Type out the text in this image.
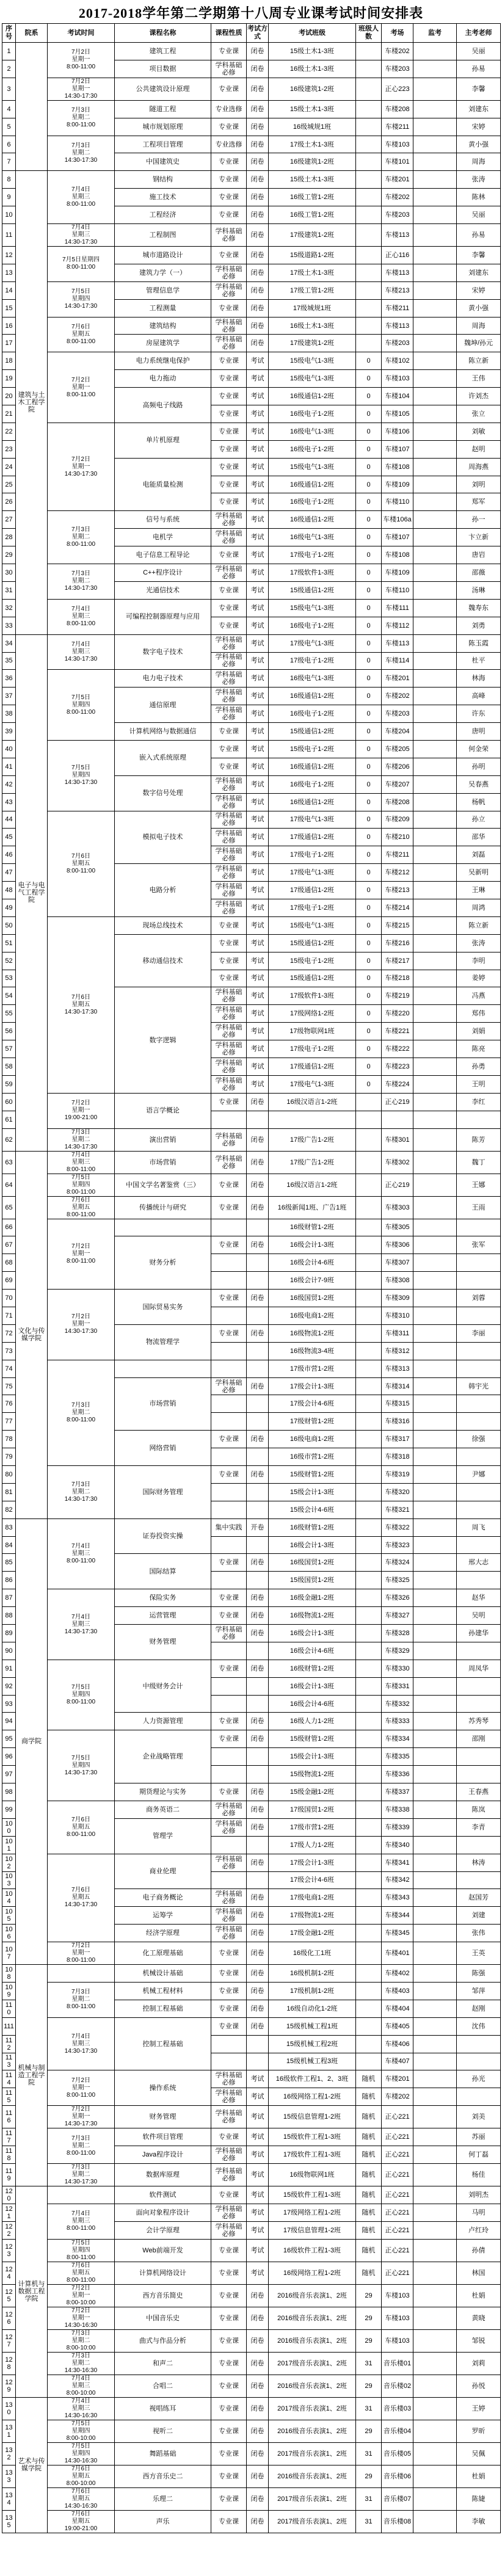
2017-2018学年第二学期第十八周专业课考试时间安排表
序号	院系	考试时间	课程名称	课程性质	考试方式	考试班级	班级人数	考场	监考	主考老师
1		7月2日
星期一
8:00-11:00	建筑工程	专业课	闭卷	15级土木1-3班		车楼202		吴丽
2			项目数据	学科基础必修	闭卷	16级土木1-3班		车楼203		孙易
3		7月2日
星期一
14:30-17:30	公共建筑设计原理	专业课	闭卷	16级建筑1-2班		正心223		李馨
4		7月3日
星期二
8:00-11:00	隧道工程	专业选修	闭卷	15级土木1-3班		车楼208		刘建东
5			城市规划原理	专业课	闭卷	16级城规1班		车楼211		宋婷
6		7月3日
星期二
14:30-17:30	工程项目管理	专业选修	闭卷	17级土木1-3班		车楼103		黄小强
7			中国建筑史	专业课	闭卷	16级建筑1-2班		车楼101		周海
8	建筑与土木工程学院	7月4日
星期三
8:00-11:00	钢结构	专业课	闭卷	15级土木1-3班		车楼201		张涛
9			施工技术	专业课	闭卷	16级工管1-2班		车楼202		陈林
10			工程经济	专业课	闭卷	16级工管1-2班		车楼203		吴丽
11		7月4日
星期三
14:30-17:30	工程制图	学科基础必修	闭卷	17级建筑1-2班		车楼113		孙易
12		7月5日星期四
8:00-11:00	城市道路设计	专业课	闭卷	15级道路1-2班		正心116		李馨
13			建筑力学（一）	学科基础必修	闭卷	17级土木1-3班		车楼113		刘建东
14		7月5日
星期四
14:30-17:30	管理信息学	学科基础必修	闭卷	17级工管1-2班		车楼213		宋婷
15			工程测量	专业课	闭卷	17级城规1班		车楼211		黄小强
16		7月6日
星期五
8:00-11:00	建筑结构	学科基础必修	闭卷	16级土木1-3班		车楼113		周海
17			房屋建筑学	学科基础必修	闭卷	17级建筑1-2班		车楼203		魏坤/孙元
18		7月2日
星期一
8:00-11:00	电力系统继电保护	专业课	考试	15级电气1-3班	0	车楼102		陈立新
19			电力拖动	专业课	考试	15级电气1-3班	0	车楼103		王伟
20			高频电子线路	专业课	考试	16级通信1-2班	0	车楼104		许刘杰
21				专业课	考试	16级电子1-2班	0	车楼105		张立
22		7月2日
星期一
14:30-17:30	单片机原理	专业课	考试	16级电气1-3班	0	车楼106		刘敏
23				专业课	考试	16级电子1-2班	0	车楼107		赵明
24			电能质量检测	专业课	考试	15级电气1-3班	0	车楼108		周海燕
25				专业课	考试	16级通信1-2班	0	车楼109		刘明
26				专业课	考试	16级电子1-2班	0	车楼110		郑军
27		7月3日
星期二
8:00-11:00	信号与系统	学科基础必修	考试	16级通信1-2班	0	车楼106a		孙一
28			电机学	学科基础必修	考试	16级电气1-3班	0	车楼107		卞立新
29			电子信息工程导论	专业课	考试	17级电子1-2班	0	车楼108		唐岩
30		7月3日
星期二
14:30-17:30	C++程序设计	学科基础必修	考试	17级软件1-3班	0	车楼109		邵薇
31			光通信技术	专业课	考试	15级通信1-2班	0	车楼110		汤琳
32		7月4日
星期三
8:00-11:00	可编程控制器原理与应用	专业课	考试	15级电气1-3班	0	车楼111		魏寿东
33				专业课	考试	16级电子1-2班	0	车楼112		刘勇
34	电子与电气工程学院	7月4日
星期三
14:30-17:30	数字电子技术	学科基础必修	考试	17级电气1-3班	0	车楼113		陈玉霞
35				学科基础必修	考试	17级电子1-2班	0	车楼114		杜平
36		7月5日
星期四
8:00-11:00	电力电子技术	学科基础必修	考试	16级电气1-3班	0	车楼201		林海
37			通信原理	学科基础必修	考试	16级通信1-2班	0	车楼202		高峰
38				学科基础必修	考试	16级电子1-2班	0	车楼203		许东
39			计算机网络与数据通信	专业课	考试	15级通信1-2班	0	车楼204		唐明
40		7月5日
星期四
14:30-17:30	嵌入式系统原理	专业课	考试	15级电子1-2班	0	车楼205		何金荣
41				专业课	考试	16级通信1-2班	0	车楼206		孙明
42			数字信号处理	学科基础必修	考试	16级电子1-2班	0	车楼207		吴春燕
43				学科基础必修	考试	16级通信1-2班	0	车楼208		杨帆
44		7月6日
星期五
8:00-11:00	模拟电子技术	学科基础必修	考试	17级电气1-3班	0	车楼209		孙立
45				学科基础必修	考试	17级通信1-2班	0	车楼210		邵华
46				学科基础必修	考试	17级电子1-2班	0	车楼211		刘磊
47			电路分析	学科基础必修	考试	17级电气1-3班	0	车楼212		吴新明
48				学科基础必修	考试	17级通信1-2班	0	车楼213		王琳
49				学科基础必修	考试	17级电子1-2班	0	车楼214		周鸿
50		7月6日
星期五
14:30-17:30	现场总线技术	专业课	考试	15级电气1-3班	0	车楼215		陈立新
51			移动通信技术	专业课	考试	15级通信1-2班	0	车楼216		张涛
52				专业课	考试	15级电子1-2班	0	车楼217		李明
53				专业课	考试	15级通信1-2班	0	车楼218		姜婷
54			数字逻辑	学科基础必修	考试	17级软件1-3班	0	车楼219		冯燕
55				学科基础必修	考试	17级网络1-2班	0	车楼220		郑伟
56				学科基础必修	考试	17级物联网1班	0	车楼221		刘娟
57				学科基础必修	考试	17级电子1-2班	0	车楼222		陈亮
58				学科基础必修	考试	17级通信1-2班	0	车楼223		孙勇
59				学科基础必修	考试	17级电气1-3班	0	车楼224		王明
60		7月2日
星期一
19:00-21:00	语言学概论	专业课	闭卷	16级汉语言1-2班		正心219		李红
61										
62		7月3日
星期二
14:30-17:30	演出营销	学科基础必修	闭卷	17级广告1-2班		车楼301		陈芳
63	文化与传媒学院	7月4日
星期三
8:00-11:00	市场营销	学科基础必修	闭卷	17级广告1-2班		车楼302		魏丁
64		7月5日
星期四
8:00-11:00	中国文学名著鉴赏（三）	专业课	闭卷	16级汉语言1-2班		正心219		王娜
65		7月6日
星期五
8:00-11:00	传播统计与研究	专业课	闭卷	16级新闻1班、广告1班		车楼303		王雨
66		7月2日
星期一
8:00-11:00				16级财管1-2班		车楼305		
67			财务分析	专业课	闭卷	16级会计1-3班		车楼306		张军
68						16级会计4-6班		车楼307		
69						16级会计7-9班		车楼308		
70		7月2日
星期一
14:30-17:30	国际贸易实务	专业课	闭卷	16级国贸1-2班		车楼309		刘蓉
71						16级电商1-2班		车楼310		
72			物流管理学	专业课	闭卷	16级物流1-2班		车楼311		李丽
73						16级物流3-4班		车楼312		
74		7月3日
星期二
8:00-11:00				17级市营1-2班		车楼313		
75			市场营销	学科基础必修	闭卷	17级会计1-3班		车楼314		韩宇光
76						17级会计4-6班		车楼315		
77						17级财管1-2班		车楼316		
78			网络营销	专业课	闭卷	16级电商1-2班		车楼317		徐强
79						16级市营1-2班		车楼318		
80		7月3日
星期二
14:30-17:30	国际财务管理	专业课	闭卷	15级财管1-2班		车楼319		尹娜
81						15级会计1-3班		车楼320		
82						15级会计4-6班		车楼321		
83	商学院	7月4日
星期三
8:00-11:00	证券投资实操	集中实践	开卷	16级财管1-2班		车楼322		周飞
84						16级会计1-3班		车楼323		
85			国际结算	专业课	闭卷	16级国贸1-2班		车楼324		邢大志
86						15级国贸1-2班		车楼325		
87		7月4日
星期三
14:30-17:30	保险实务	专业课	闭卷	16级金融1-2班		车楼326		赵华
88			运营管理	专业课	闭卷	16级物流1-2班		车楼327		吴明
89			财务管理	学科基础必修	闭卷	16级会计1-3班		车楼328		孙建华
90						16级会计4-6班		车楼329		
91		7月5日
星期四
8:00-11:00	中级财务会计	专业课	闭卷	16级财管1-2班		车楼330		周凤华
92						16级会计1-3班		车楼331		
93						16级会计4-6班		车楼332		
94			人力资源管理	专业课	闭卷	16级人力1-2班		车楼333		苏秀琴
95		7月5日
星期四
14:30-17:30	企业战略管理	专业课	闭卷	15级财管1-2班		车楼334		邵刚
96						15级会计1-3班		车楼335		
97						15级物流1-2班		车楼336		
98			期货理论与实务	专业课	闭卷	15级金融1-2班		车楼337		王春燕
99		7月6日
星期五
8:00-11:00	商务英语二	学科基础必修	闭卷	17级国贸1-2班		车楼338		陈岚
100			管理学	学科基础必修	闭卷	17级市营1-2班		车楼339		李青
101						17级人力1-2班		车楼340		
102		7月6日
星期五
14:30-17:30	商业伦理	学科基础必修	闭卷	17级会计1-3班		车楼341		林涛
103						17级会计4-6班		车楼342		
104			电子商务概论	学科基础必修	闭卷	17级电商1-2班		车楼343		赵国芳
105			运筹学	学科基础必修	闭卷	17级物流1-2班		车楼344		刘建
106			经济学原理	学科基础必修	闭卷	17级金融1-2班		车楼345		张伟
107		7月2日
星期一
8:00-11:00	化工原理基础	专业课	闭卷	16级化工1班		车楼401		王英
108	机械与制造工程学院		机械设计基础	专业课	闭卷	16级机制1-2班		车楼402		陈强
109		7月3日
星期二
8:00-11:00	机械工程材料	专业课	闭卷	17级机制1-2班		车楼403		邹萍
110			控制工程基础	专业课	闭卷	16级自动化1-2班		车楼404		赵刚
111		7月4日
星期三
14:30-17:30	控制工程基础	专业课	闭卷	15级机械工程1班		车楼405		沈伟
112						15级机械工程2班		车楼406		
113						15级机械工程3班		车楼407		
114		7月2日
星期一
8:00-11:00	操作系统	学科基础必修	考试	16级软件工程1、2、3班	随机	车楼201		孙光
115				学科基础必修	考试	16级网络工程1-2班	随机	车楼202		
116		7月2日
星期一
14:30-17:30	财务管理	学科基础必修	考试	15级信息管理1-2班	随机	正心221		刘美
117		7月3日
星期二
8:00-11:00	软件项目管理	专业课	考试	15级软件工程1-3班	随机	正心221		苏丽
118			Java程序设计	学科基础必修	考试	17级软件工程1-3班	随机	正心221		何丁磊
119		7月3日
星期二
14:30-17:30	数据库原理	学科基础必修	考试	16级物联网1班	随机	正心221		杨佳
120	计算机与数据工程学院		软件测试	专业课	考试	15级软件工程1-3班	随机	正心221		刘明杰
121		7月4日
星期三
8:00-11:00	面向对象程序设计	学科基础必修	考试	17级网络工程1-2班	随机	正心221		马明
122			会计学原理	学科基础必修	考试	17级信息管理1-2班	随机	正心221		卢红玲
123		7月5日
星期四
8:00-11:00	Web前端开发	专业课	考试	16级软件工程1-3班	随机	正心221		孙倩
124		7月6日
星期五
8:00-11:00	计算机网络设计	专业课	考试	16级网络工程1-2班	随机	正心221		林国
125		7月2日
星期一
8:00-10:00	西方音乐简史	专业课	闭卷	2016级音乐表演1、2班	29	车楼103		杜娟
126		7月2日
星期一
14:30-16:30	中国音乐史	专业课	闭卷	2016级音乐表演1、2班	29	车楼103		黄晓
127		7月3日
星期二
8:00-10:00	曲式与作品分析	专业课	闭卷	2016级音乐表演1、2班	29	车楼103		邹锐
128		7月3日
星期二
14:30-16:30	和声二	专业课	闭卷	2017级音乐表演1、2班	31	音乐楼01		刘莉
129		7月4日
星期三
8:00-10:00	合唱二	专业课	闭卷	2016级音乐表演1、2班	29	音乐楼02		孙悦
130	艺术与传媒学院	7月4日
星期三
14:30-16:30	视唱练耳	专业课	闭卷	2017级音乐表演1、2班	31	音乐楼03		王婷
131		7月5日
星期四
8:00-10:00	视听二	专业课	闭卷	2016级音乐表演1、2班	29	音乐楼04		罗昕
132		7月5日
星期四
14:30-16:30	舞蹈基础	专业课	闭卷	2017级音乐表演1、2班	31	音乐楼05		吴佩
133		7月6日
星期五
8:00-10:00	西方音乐史二	专业课	闭卷	2016级音乐表演1、2班	29	音乐楼06		杜娟
134		7月6日
星期五
14:30-16:30	乐理二	专业课	闭卷	2017级音乐表演1、2班	31	音乐楼07		陈婕
135		7月6日
星期五
19:00-21:00	声乐	专业课	闭卷	2017级音乐表演1、2班	31	音乐楼08		李敏
